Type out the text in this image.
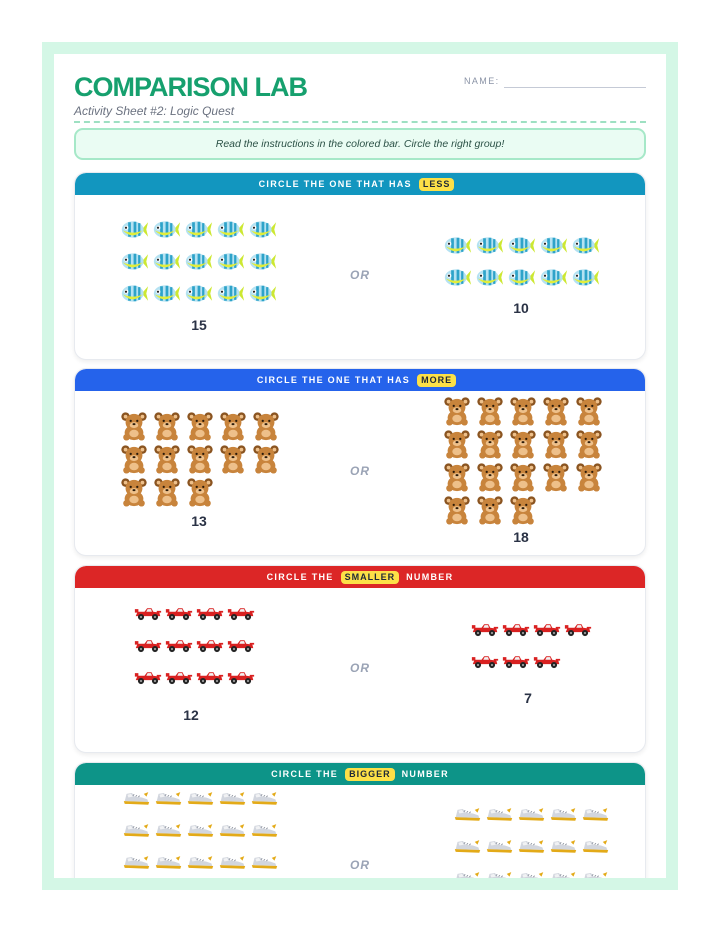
COMPARISON LAB
Activity Sheet #2: Logic Quest
NAME:
Read the instructions in the colored bar. Circle the right group!
CIRCLE THE ONE THAT HAS	LESS
15
OR
10
CIRCLE THE ONE THAT HAS	MORE
13
OR
18
CIRCLE THE	SMALLER	NUMBER
12
OR
7
CIRCLE THE	BIGGER	NUMBER
OR
